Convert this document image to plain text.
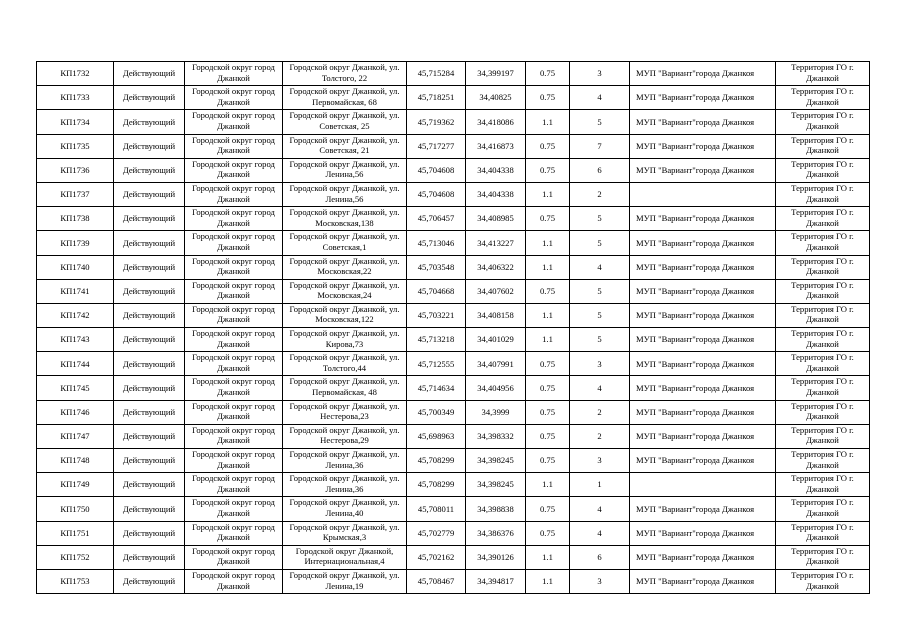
КП1732	Действующий	Городской округ город Джанкой	Городской округ Джанкой, ул. Толстого, 22	45,715284	34,399197	0.75	3	МУП "Вариант"города Джанкоя	Территория ГО г. Джанкой
КП1733	Действующий	Городской округ город Джанкой	Городской округ Джанкой, ул. Первомайская, 68	45,718251	34,40825	0.75	4	МУП "Вариант"города Джанкоя	Территория ГО г. Джанкой
КП1734	Действующий	Городской округ город Джанкой	Городской округ Джанкой, ул. Советская, 25	45,719362	34,418086	1.1	5	МУП "Вариант"города Джанкоя	Территория ГО г. Джанкой
КП1735	Действующий	Городской округ город Джанкой	Городской округ Джанкой, ул. Советская, 21	45,717277	34,416873	0.75	7	МУП "Вариант"города Джанкоя	Территория ГО г. Джанкой
КП1736	Действующий	Городской округ город Джанкой	Городской округ Джанкой, ул. Ленина,56	45,704608	34,404338	0.75	6	МУП "Вариант"города Джанкоя	Территория ГО г. Джанкой
КП1737	Действующий	Городской округ город Джанкой	Городской округ Джанкой, ул. Ленина,56	45,704608	34,404338	1.1	2		Территория ГО г. Джанкой
КП1738	Действующий	Городской округ город Джанкой	Городской округ Джанкой, ул. Московская,138	45,706457	34,408985	0.75	5	МУП "Вариант"города Джанкоя	Территория ГО г. Джанкой
КП1739	Действующий	Городской округ город Джанкой	Городской округ Джанкой, ул. Советская,1	45,713046	34,413227	1.1	5	МУП "Вариант"города Джанкоя	Территория ГО г. Джанкой
КП1740	Действующий	Городской округ город Джанкой	Городской округ Джанкой, ул. Московская,22	45,703548	34,406322	1.1	4	МУП "Вариант"города Джанкоя	Территория ГО г. Джанкой
КП1741	Действующий	Городской округ город Джанкой	Городской округ Джанкой, ул. Московская,24	45,704668	34,407602	0.75	5	МУП "Вариант"города Джанкоя	Территория ГО г. Джанкой
КП1742	Действующий	Городской округ город Джанкой	Городской округ Джанкой, ул. Московская,122	45,703221	34,408158	1.1	5	МУП "Вариант"города Джанкоя	Территория ГО г. Джанкой
КП1743	Действующий	Городской округ город Джанкой	Городской округ Джанкой, ул. Кирова,73	45,713218	34,401029	1.1	5	МУП "Вариант"города Джанкоя	Территория ГО г. Джанкой
КП1744	Действующий	Городской округ город Джанкой	Городской округ Джанкой, ул. Толстого,44	45,712555	34,407991	0.75	3	МУП "Вариант"города Джанкоя	Территория ГО г. Джанкой
КП1745	Действующий	Городской округ город Джанкой	Городской округ Джанкой, ул. Первомайская, 48	45,714634	34,404956	0.75	4	МУП "Вариант"города Джанкоя	Территория ГО г. Джанкой
КП1746	Действующий	Городской округ город Джанкой	Городской округ Джанкой, ул. Нестерова,23	45,700349	34,3999	0.75	2	МУП "Вариант"города Джанкоя	Территория ГО г. Джанкой
КП1747	Действующий	Городской округ город Джанкой	Городской округ Джанкой, ул. Нестерова,29	45,698963	34,398332	0.75	2	МУП "Вариант"города Джанкоя	Территория ГО г. Джанкой
КП1748	Действующий	Городской округ город Джанкой	Городской округ Джанкой, ул. Ленина,36	45,708299	34,398245	0.75	3	МУП "Вариант"города Джанкоя	Территория ГО г. Джанкой
КП1749	Действующий	Городской округ город Джанкой	Городской округ Джанкой, ул. Ленина,36	45,708299	34,398245	1.1	1		Территория ГО г. Джанкой
КП1750	Действующий	Городской округ город Джанкой	Городской округ Джанкой, ул. Ленина,40	45,708011	34,398838	0.75	4	МУП "Вариант"города Джанкоя	Территория ГО г. Джанкой
КП1751	Действующий	Городской округ город Джанкой	Городской округ Джанкой, ул. Крымская,3	45,702779	34,386376	0.75	4	МУП "Вариант"города Джанкоя	Территория ГО г. Джанкой
КП1752	Действующий	Городской округ город Джанкой	Городской округ Джанкой, Интернациональная,4	45,702162	34,390126	1.1	6	МУП "Вариант"города Джанкоя	Территория ГО г. Джанкой
КП1753	Действующий	Городской округ город Джанкой	Городской округ Джанкой, ул. Ленина,19	45,708467	34,394817	1.1	3	МУП "Вариант"города Джанкоя	Территория ГО г. Джанкой
